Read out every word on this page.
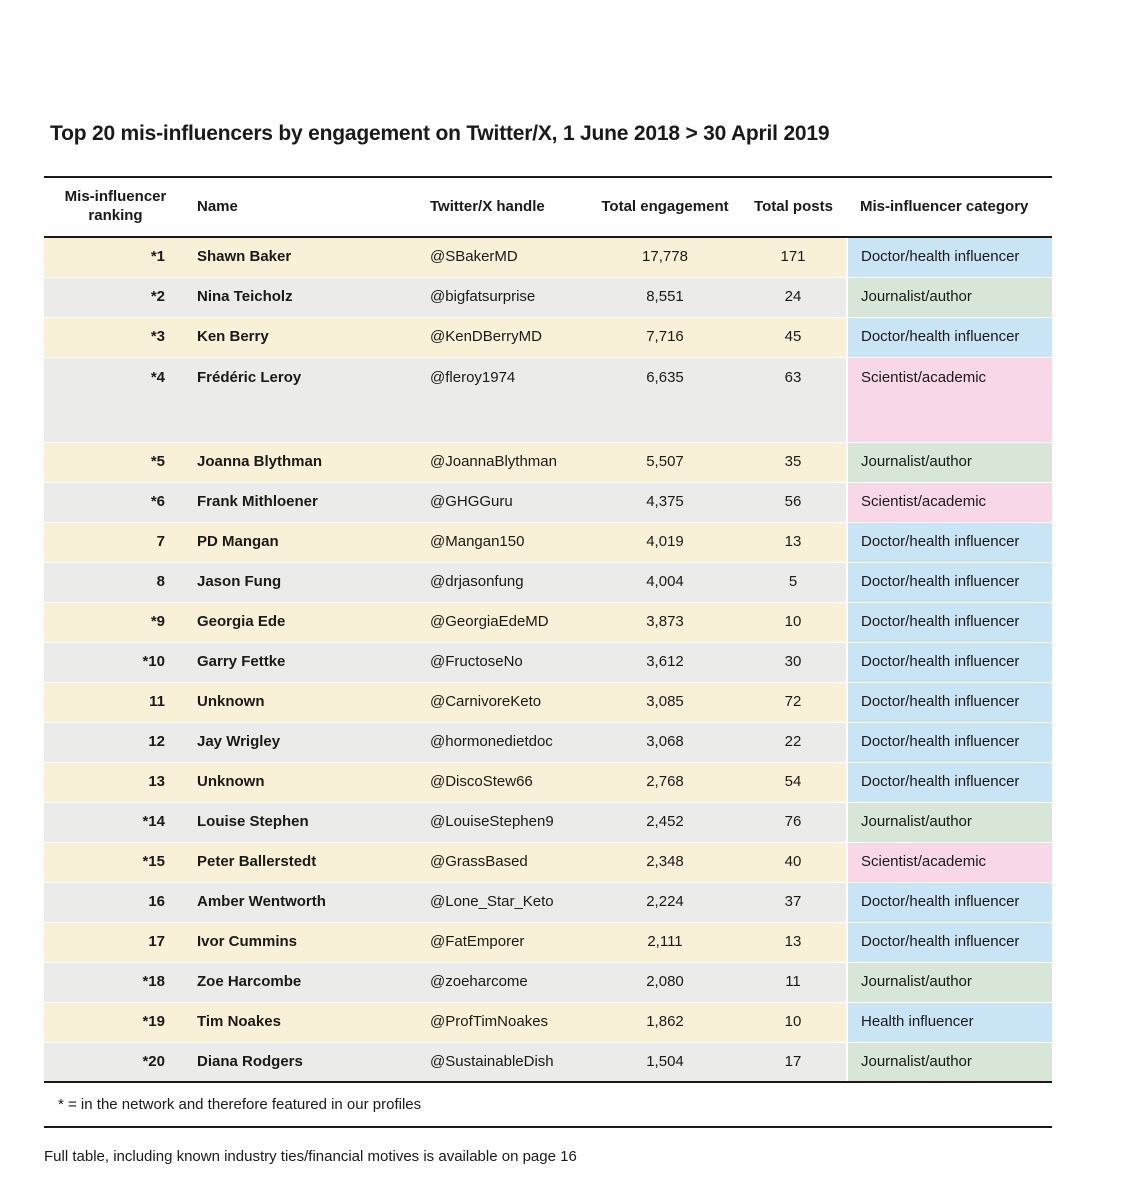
Top 20 mis-influencers by engagement on Twitter/X, 1 June 2018 > 30 April 2019
Mis-influencer ranking	Name	Twitter/X handle	Total engagement	Total posts	Mis-influencer category
*1	Shawn Baker	@SBakerMD	17,778	171	Doctor/health influencer
*2	Nina Teicholz	@bigfatsurprise	8,551	24	Journalist/author
*3	Ken Berry	@KenDBerryMD	7,716	45	Doctor/health influencer
*4	Frédéric Leroy	@fleroy1974	6,635	63	Scientist/academic
*5	Joanna Blythman	@JoannaBlythman	5,507	35	Journalist/author
*6	Frank Mithloener	@GHGGuru	4,375	56	Scientist/academic
7	PD Mangan	@Mangan150	4,019	13	Doctor/health influencer
8	Jason Fung	@drjasonfung	4,004	5	Doctor/health influencer
*9	Georgia Ede	@GeorgiaEdeMD	3,873	10	Doctor/health influencer
*10	Garry Fettke	@FructoseNo	3,612	30	Doctor/health influencer
11	Unknown	@CarnivoreKeto	3,085	72	Doctor/health influencer
12	Jay Wrigley	@hormonedietdoc	3,068	22	Doctor/health influencer
13	Unknown	@DiscoStew66	2,768	54	Doctor/health influencer
*14	Louise Stephen	@LouiseStephen9	2,452	76	Journalist/author
*15	Peter Ballerstedt	@GrassBased	2,348	40	Scientist/academic
16	Amber Wentworth	@Lone_Star_Keto	2,224	37	Doctor/health influencer
17	Ivor Cummins	@FatEmporer	2,111	13	Doctor/health influencer
*18	Zoe Harcombe	@zoeharcome	2,080	11	Journalist/author
*19	Tim Noakes	@ProfTimNoakes	1,862	10	Health influencer
*20	Diana Rodgers	@SustainableDish	1,504	17	Journalist/author
* = in the network and therefore featured in our profiles
Full table, including known industry ties/financial motives is available on page 16
